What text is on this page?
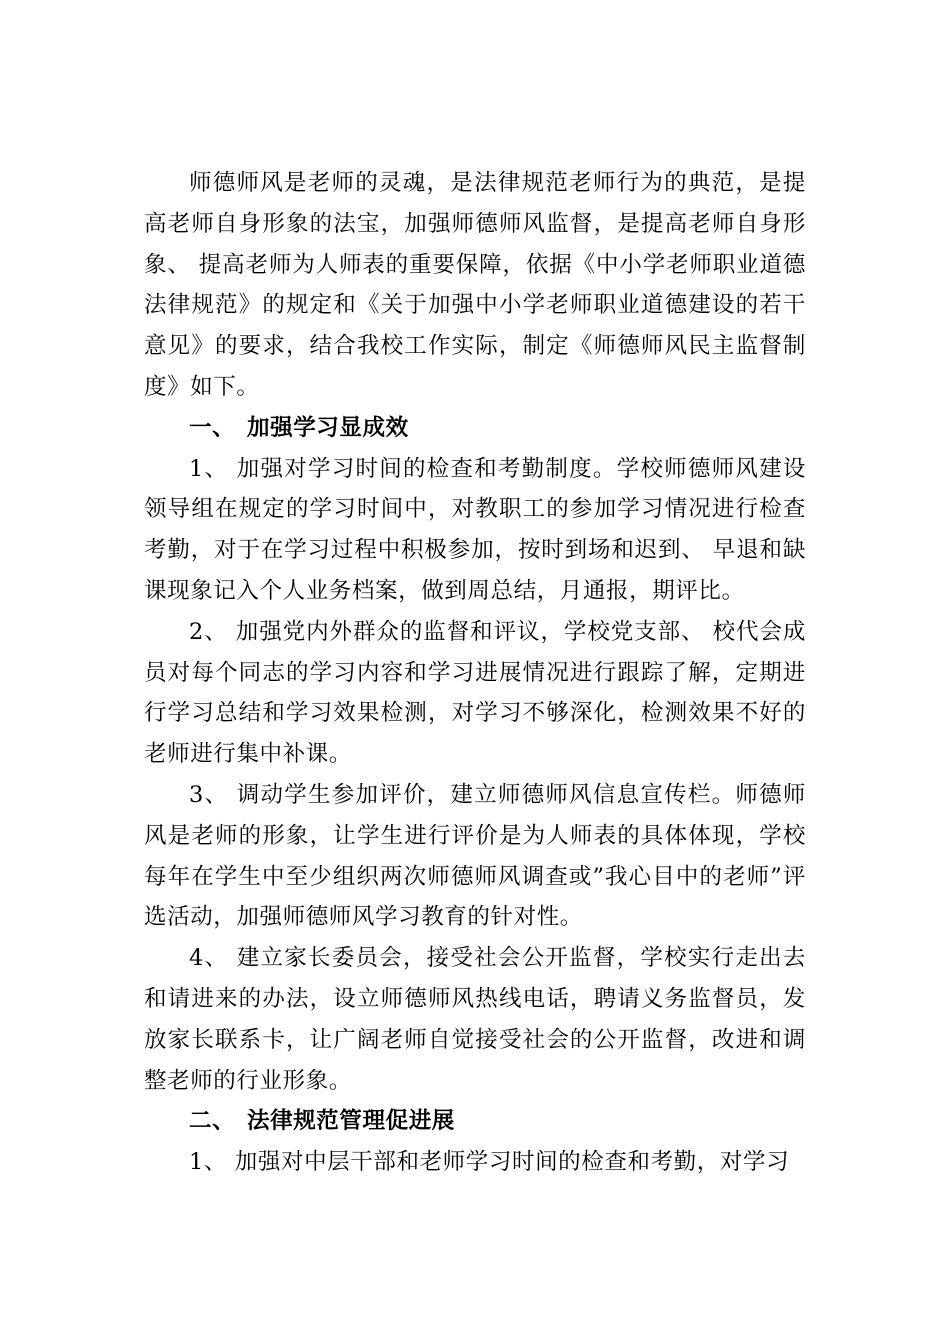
师德师风是老师的灵魂，是法律规范老师行为的典范，是提高老师自身形象的法宝，加强师德师风监督，是提高老师自身形象、 提高老师为人师表的重要保障，依据《中小学老师职业道德法律规范》的规定和《关于加强中小学老师职业道德建设的若干意见》的要求，结合我校工作实际，制定《师德师风民主监督制度》如下。

一、 加强学习显成效

1、 加强对学习时间的检查和考勤制度。学校师德师风建设领导组在规定的学习时间中，对教职工的参加学习情况进行检查考勤，对于在学习过程中积极参加，按时到场和迟到、 早退和缺课现象记入个人业务档案，做到周总结，月通报，期评比。

2、 加强党内外群众的监督和评议，学校党支部、 校代会成员对每个同志的学习内容和学习进展情况进行跟踪了解，定期进行学习总结和学习效果检测，对学习不够深化，检测效果不好的老师进行集中补课。

3、 调动学生参加评价，建立师德师风信息宣传栏。师德师风是老师的形象，让学生进行评价是为人师表的具体体现，学校每年在学生中至少组织两次师德师风调查或”我心目中的老师”评选活动，加强师德师风学习教育的针对性。

4、 建立家长委员会，接受社会公开监督，学校实行走出去和请进来的办法，设立师德师风热线电话，聘请义务监督员，发放家长联系卡，让广阔老师自觉接受社会的公开监督，改进和调整老师的行业形象。

二、 法律规范管理促进展

1、 加强对中层干部和老师学习时间的检查和考勤，对学习
